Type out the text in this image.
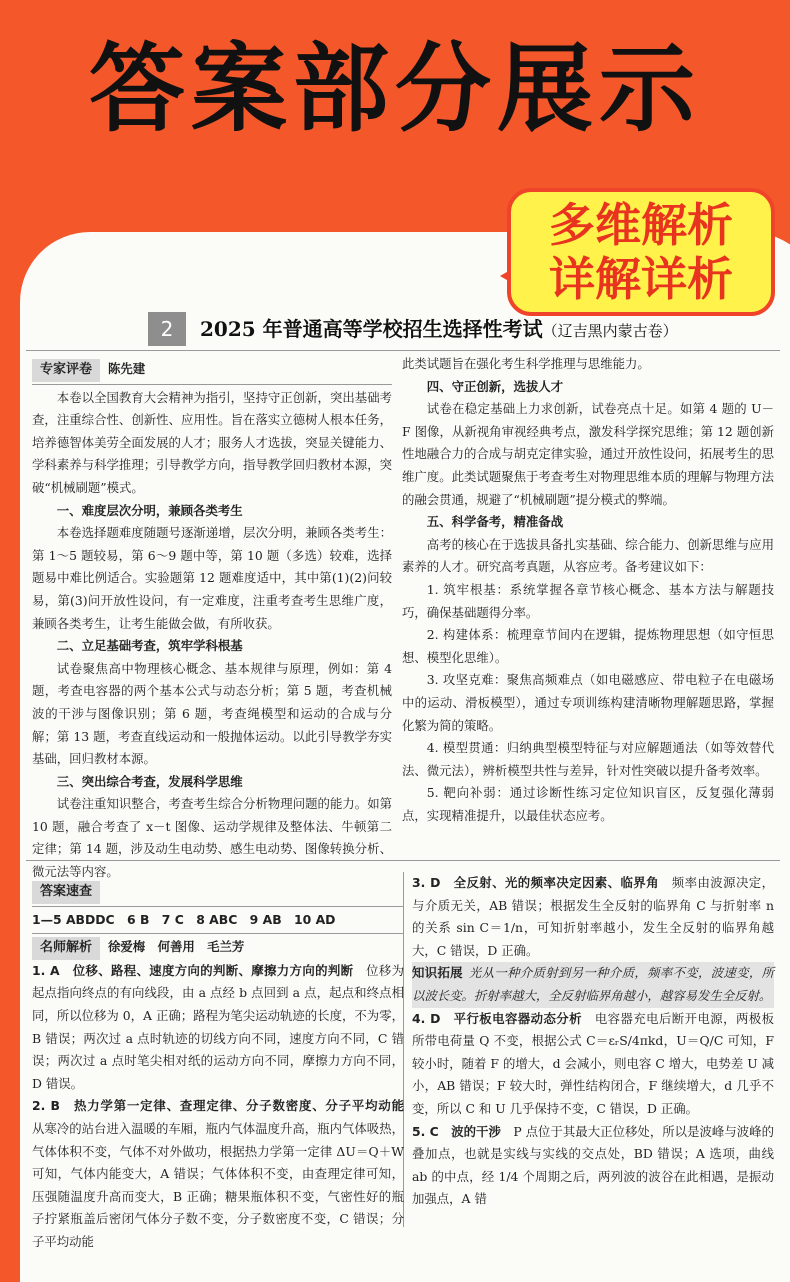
答案部分展示
多维解析
详解详析
2	2025 年普通高等学校招生选择性考试（辽吉黑内蒙古卷）

专家评卷 陈先建

本卷以全国教育大会精神为指引，坚持守正创新，突出基础考查，注重综合性、创新性、应用性。旨在落实立德树人根本任务，培养德智体美劳全面发展的人才；服务人才选拔，突显关键能力、学科素养与科学推理；引导教学方向，指导教学回归教材本源，突破“机械刷题”模式。

一、难度层次分明，兼顾各类考生

本卷选择题难度随题号逐渐递增，层次分明，兼顾各类考生：第 1～5 题较易，第 6～9 题中等，第 10 题（多选）较难，选择题易中难比例适合。实验题第 12 题难度适中，其中第(1)(2)问较易，第(3)问开放性设问，有一定难度，注重考查考生思维广度，兼顾各类考生，让考生能做会做，有所收获。

二、立足基础考查，筑牢学科根基

试卷聚焦高中物理核心概念、基本规律与原理，例如：第 4 题，考查电容器的两个基本公式与动态分析；第 5 题，考查机械波的干涉与图像识别；第 6 题，考查绳模型和运动的合成与分解；第 13 题，考查直线运动和一般抛体运动。以此引导教学夯实基础，回归教材本源。

三、突出综合考查，发展科学思维

试卷注重知识整合，考查考生综合分析物理问题的能力。如第 10 题，融合考查了 x－t 图像、运动学规律及整体法、牛顿第二定律；第 14 题，涉及动生电动势、感生电动势、图像转换分析、微元法等内容。

此类试题旨在强化考生科学推理与思维能力。

四、守正创新，选拔人才

试卷在稳定基础上力求创新，试卷亮点十足。如第 4 题的 U－F 图像，从新视角审视经典考点，激发科学探究思维；第 12 题创新性地融合力的合成与胡克定律实验，通过开放性设问，拓展考生的思维广度。此类试题聚焦于考查考生对物理思维本质的理解与物理方法的融会贯通，规避了“机械刷题”提分模式的弊端。

五、科学备考，精准备战

高考的核心在于选拔具备扎实基础、综合能力、创新思维与应用素养的人才。研究高考真题，从容应考。备考建议如下：

1. 筑牢根基：系统掌握各章节核心概念、基本方法与解题技巧，确保基础题得分率。

2. 构建体系：梳理章节间内在逻辑，提炼物理思想（如守恒思想、模型化思维）。

3. 攻坚克难：聚焦高频难点（如电磁感应、带电粒子在电磁场中的运动、滑板模型），通过专项训练构建清晰物理解题思路，掌握化繁为简的策略。

4. 模型贯通：归纳典型模型特征与对应解题通法（如等效替代法、微元法），辨析模型共性与差异，针对性突破以提升备考效率。

5. 靶向补弱：通过诊断性练习定位知识盲区，反复强化薄弱点，实现精准提升，以最佳状态应考。

答案速查

1—5 ABDDC　6 B　7 C　8 ABC　9 AB　10 AD

名师解析 徐爱梅　何善用　毛兰芳

1. A　位移、路程、速度方向的判断、摩擦力方向的判断　 位移为起点指向终点的有向线段，由 a 点经 b 点回到 a 点，起点和终点相同，所以位移为 0，A 正确；路程为笔尖运动轨迹的长度，不为零，B 错误；两次过 a 点时轨迹的切线方向不同，速度方向不同，C 错误；两次过 a 点时笔尖相对纸的运动方向不同，摩擦力方向不同，D 错误。

2. B　热力学第一定律、查理定律、分子数密度、分子平均动能　从寒冷的站台进入温暖的车厢，瓶内气体温度升高，瓶内气体吸热，气体体积不变，气体不对外做功，根据热力学第一定律 ΔU＝Q＋W 可知，气体内能变大，A 错误；气体体积不变，由查理定律可知，压强随温度升高而变大，B 正确；糖果瓶体积不变，气密性好的瓶子拧紧瓶盖后密闭气体分子数不变，分子数密度不变，C 错误；分子平均动能

3. D　全反射、光的频率决定因素、临界角　 频率由波源决定，与介质无关，AB 错误；根据发生全反射的临界角 C 与折射率 n 的关系 sin C＝1/n，可知折射率越小，发生全反射的临界角越大，C 错误，D 正确。

知识拓展 光从一种介质射到另一种介质，频率不变，波速变，所以波长变。折射率越大，全反射临界角越小，越容易发生全反射。

4. D　平行板电容器动态分析　 电容器充电后断开电源，两极板所带电荷量 Q 不变，根据公式 C＝εᵣS/4πkd，U＝Q/C 可知，F 较小时，随着 F 的增大，d 会减小，则电容 C 增大，电势差 U 减小，AB 错误；F 较大时，弹性结构闭合，F 继续增大，d 几乎不变，所以 C 和 U 几乎保持不变，C 错误，D 正确。

5. C　波的干涉　 P 点位于其最大正位移处，所以是波峰与波峰的叠加点，也就是实线与实线的交点处，BD 错误；A 选项，曲线 ab 的中点，经 1/4 个周期之后，两列波的波谷在此相遇，是振动加强点，A 错
